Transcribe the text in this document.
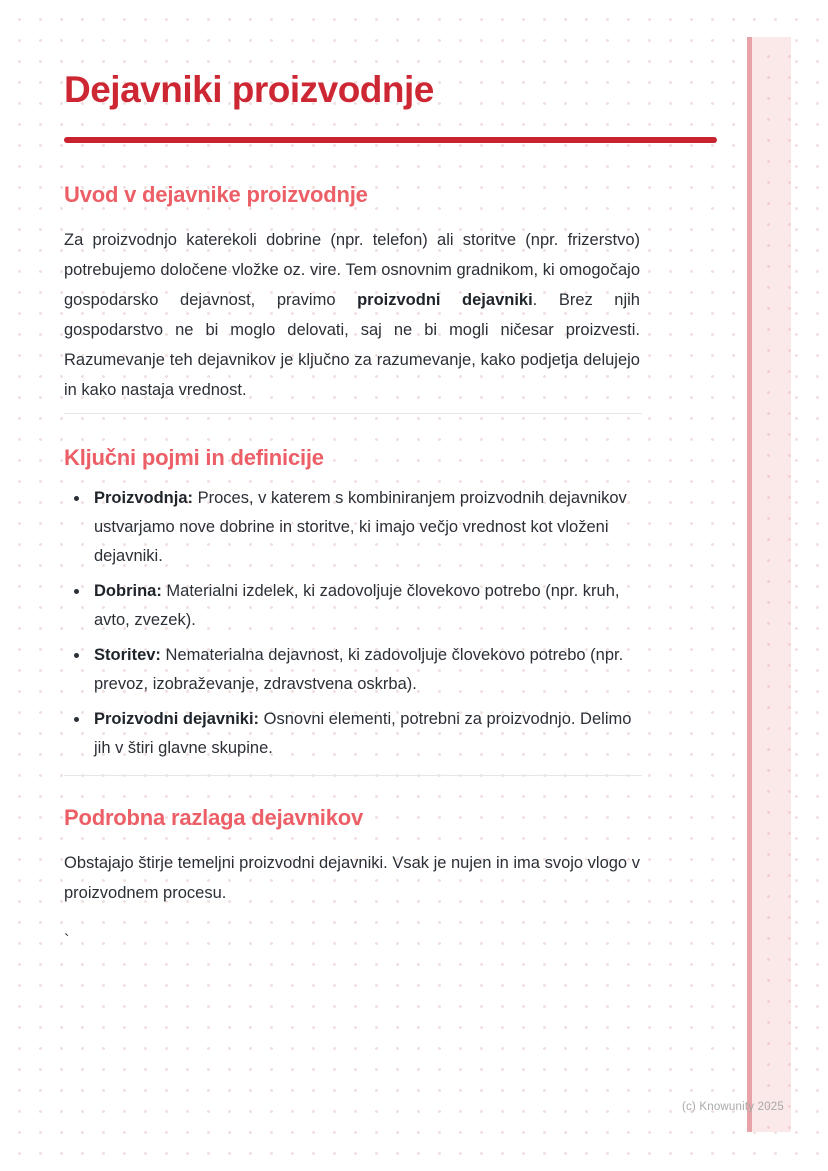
Dejavniki proizvodnje
Uvod v dejavnike proizvodnje

Za proizvodnjo katerekoli dobrine (npr. telefon) ali storitve (npr. frizerstvo) potrebujemo določene vložke oz. vire. Tem osnovnim gradnikom, ki omogočajo gospodarsko dejavnost, pravimo proizvodni dejavniki. Brez njih gospodarstvo ne bi moglo delovati, saj ne bi mogli ničesar proizvesti. Razumevanje teh dejavnikov je ključno za razumevanje, kako podjetja delujejo in kako nastaja vrednost.

Ključni pojmi in definicije
• Proizvodnja: Proces, v katerem s kombiniranjem proizvodnih dejavnikov ustvarjamo nove dobrine in storitve, ki imajo večjo vrednost kot vloženi dejavniki.
• Dobrina: Materialni izdelek, ki zadovoljuje človekovo potrebo (npr. kruh, avto, zvezek).
• Storitev: Nematerialna dejavnost, ki zadovoljuje človekovo potrebo (npr. prevoz, izobraževanje, zdravstvena oskrba).
• Proizvodni dejavniki: Osnovni elementi, potrebni za proizvodnjo. Delimo jih v štiri glavne skupine.
Podrobna razlaga dejavnikov

Obstajajo štirje temeljni proizvodni dejavniki. Vsak je nujen in ima svojo vlogo v proizvodnem procesu.

`
(c) Knowunity 2025
